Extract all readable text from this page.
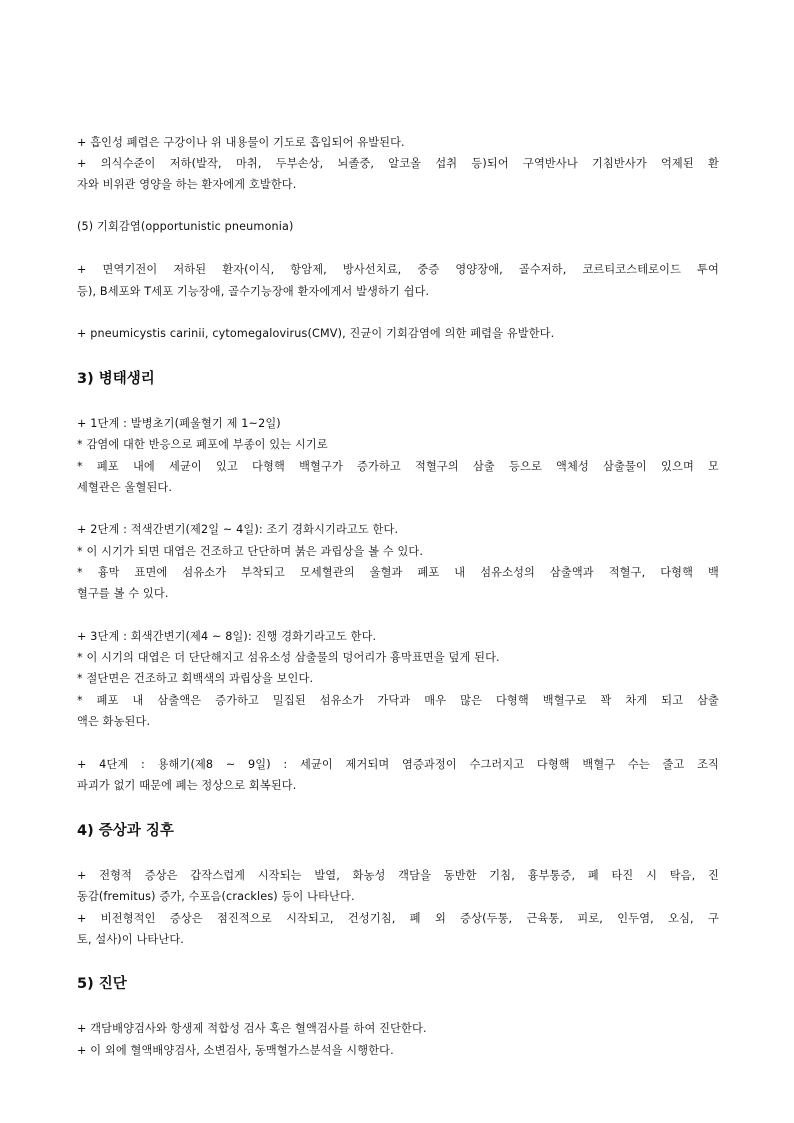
+ 흡인성 폐렴은 구강이나 위 내용물이 기도로 흡입되어 유발된다.
+ 의식수준이 저하(발작, 마취, 두부손상, 뇌졸중, 알코올 섭취 등)되어 구역반사나 기침반사가 억제된 환
자와 비위관 영양을 하는 환자에게 호발한다.
(5) 기회감염(opportunistic pneumonia)
+ 면역기전이 저하된 환자(이식, 항암제, 방사선치료, 중증 영양장애, 골수저하, 코르티코스테로이드 투여
등), B세포와 T세포 기능장애, 골수기능장애 환자에게서 발생하기 쉽다.
+ pneumicystis carinii, cytomegalovirus(CMV), 진균이 기회감염에 의한 폐렴을 유발한다.
3) 병태생리
+ 1단계 : 발병초기(폐울혈기 제 1~2일)
* 감염에 대한 반응으로 폐포에 부종이 있는 시기로
* 폐포 내에 세균이 있고 다형핵 백혈구가 증가하고 적혈구의 삼출 등으로 액체성 삼출물이 있으며 모
세혈관은 울혈된다.
+ 2단계 : 적색간변기(제2일 ~ 4일): 조기 경화시기라고도 한다.
* 이 시기가 되면 대엽은 건조하고 단단하며 붉은 과립상을 볼 수 있다.
* 흉막 표면에 섬유소가 부착되고 모세혈관의 울혈과 폐포 내 섬유소성의 삼출액과 적혈구, 다형핵 백
혈구를 볼 수 있다.
+ 3단계 : 회색간변기(제4 ~ 8일): 진행 경화기라고도 한다.
* 이 시기의 대엽은 더 단단해지고 섬유소성 삼출물의 덩어리가 흉막표면을 덮게 된다.
* 절단면은 건조하고 회백색의 과립상을 보인다.
* 폐포 내 삼출액은 증가하고 밀집된 섬유소가 가닥과 매우 많은 다형핵 백혈구로 꽉 차게 되고 삼출
액은 화농된다.
+ 4단계 : 용해기(제8 ~ 9일) : 세균이 제거되며 염증과정이 수그러지고 다형핵 백혈구 수는 줄고 조직
파괴가 없기 때문에 폐는 정상으로 회복된다.
4) 증상과 징후
+ 전형적 증상은 갑작스럽게 시작되는 발열, 화농성 객담을 동반한 기침, 흉부통증, 폐 타진 시 탁음, 진
동감(fremitus) 증가, 수포음(crackles) 등이 나타난다.
+ 비전형적인 증상은 점진적으로 시작되고, 건성기침, 폐 외 증상(두통, 근육통, 피로, 인두염, 오심, 구
토, 설사)이 나타난다.
5) 진단
+ 객담배양검사와 항생제 적합성 검사 혹은 혈액검사를 하여 진단한다.
+ 이 외에 혈액배양검사, 소변검사, 동맥혈가스분석을 시행한다.
